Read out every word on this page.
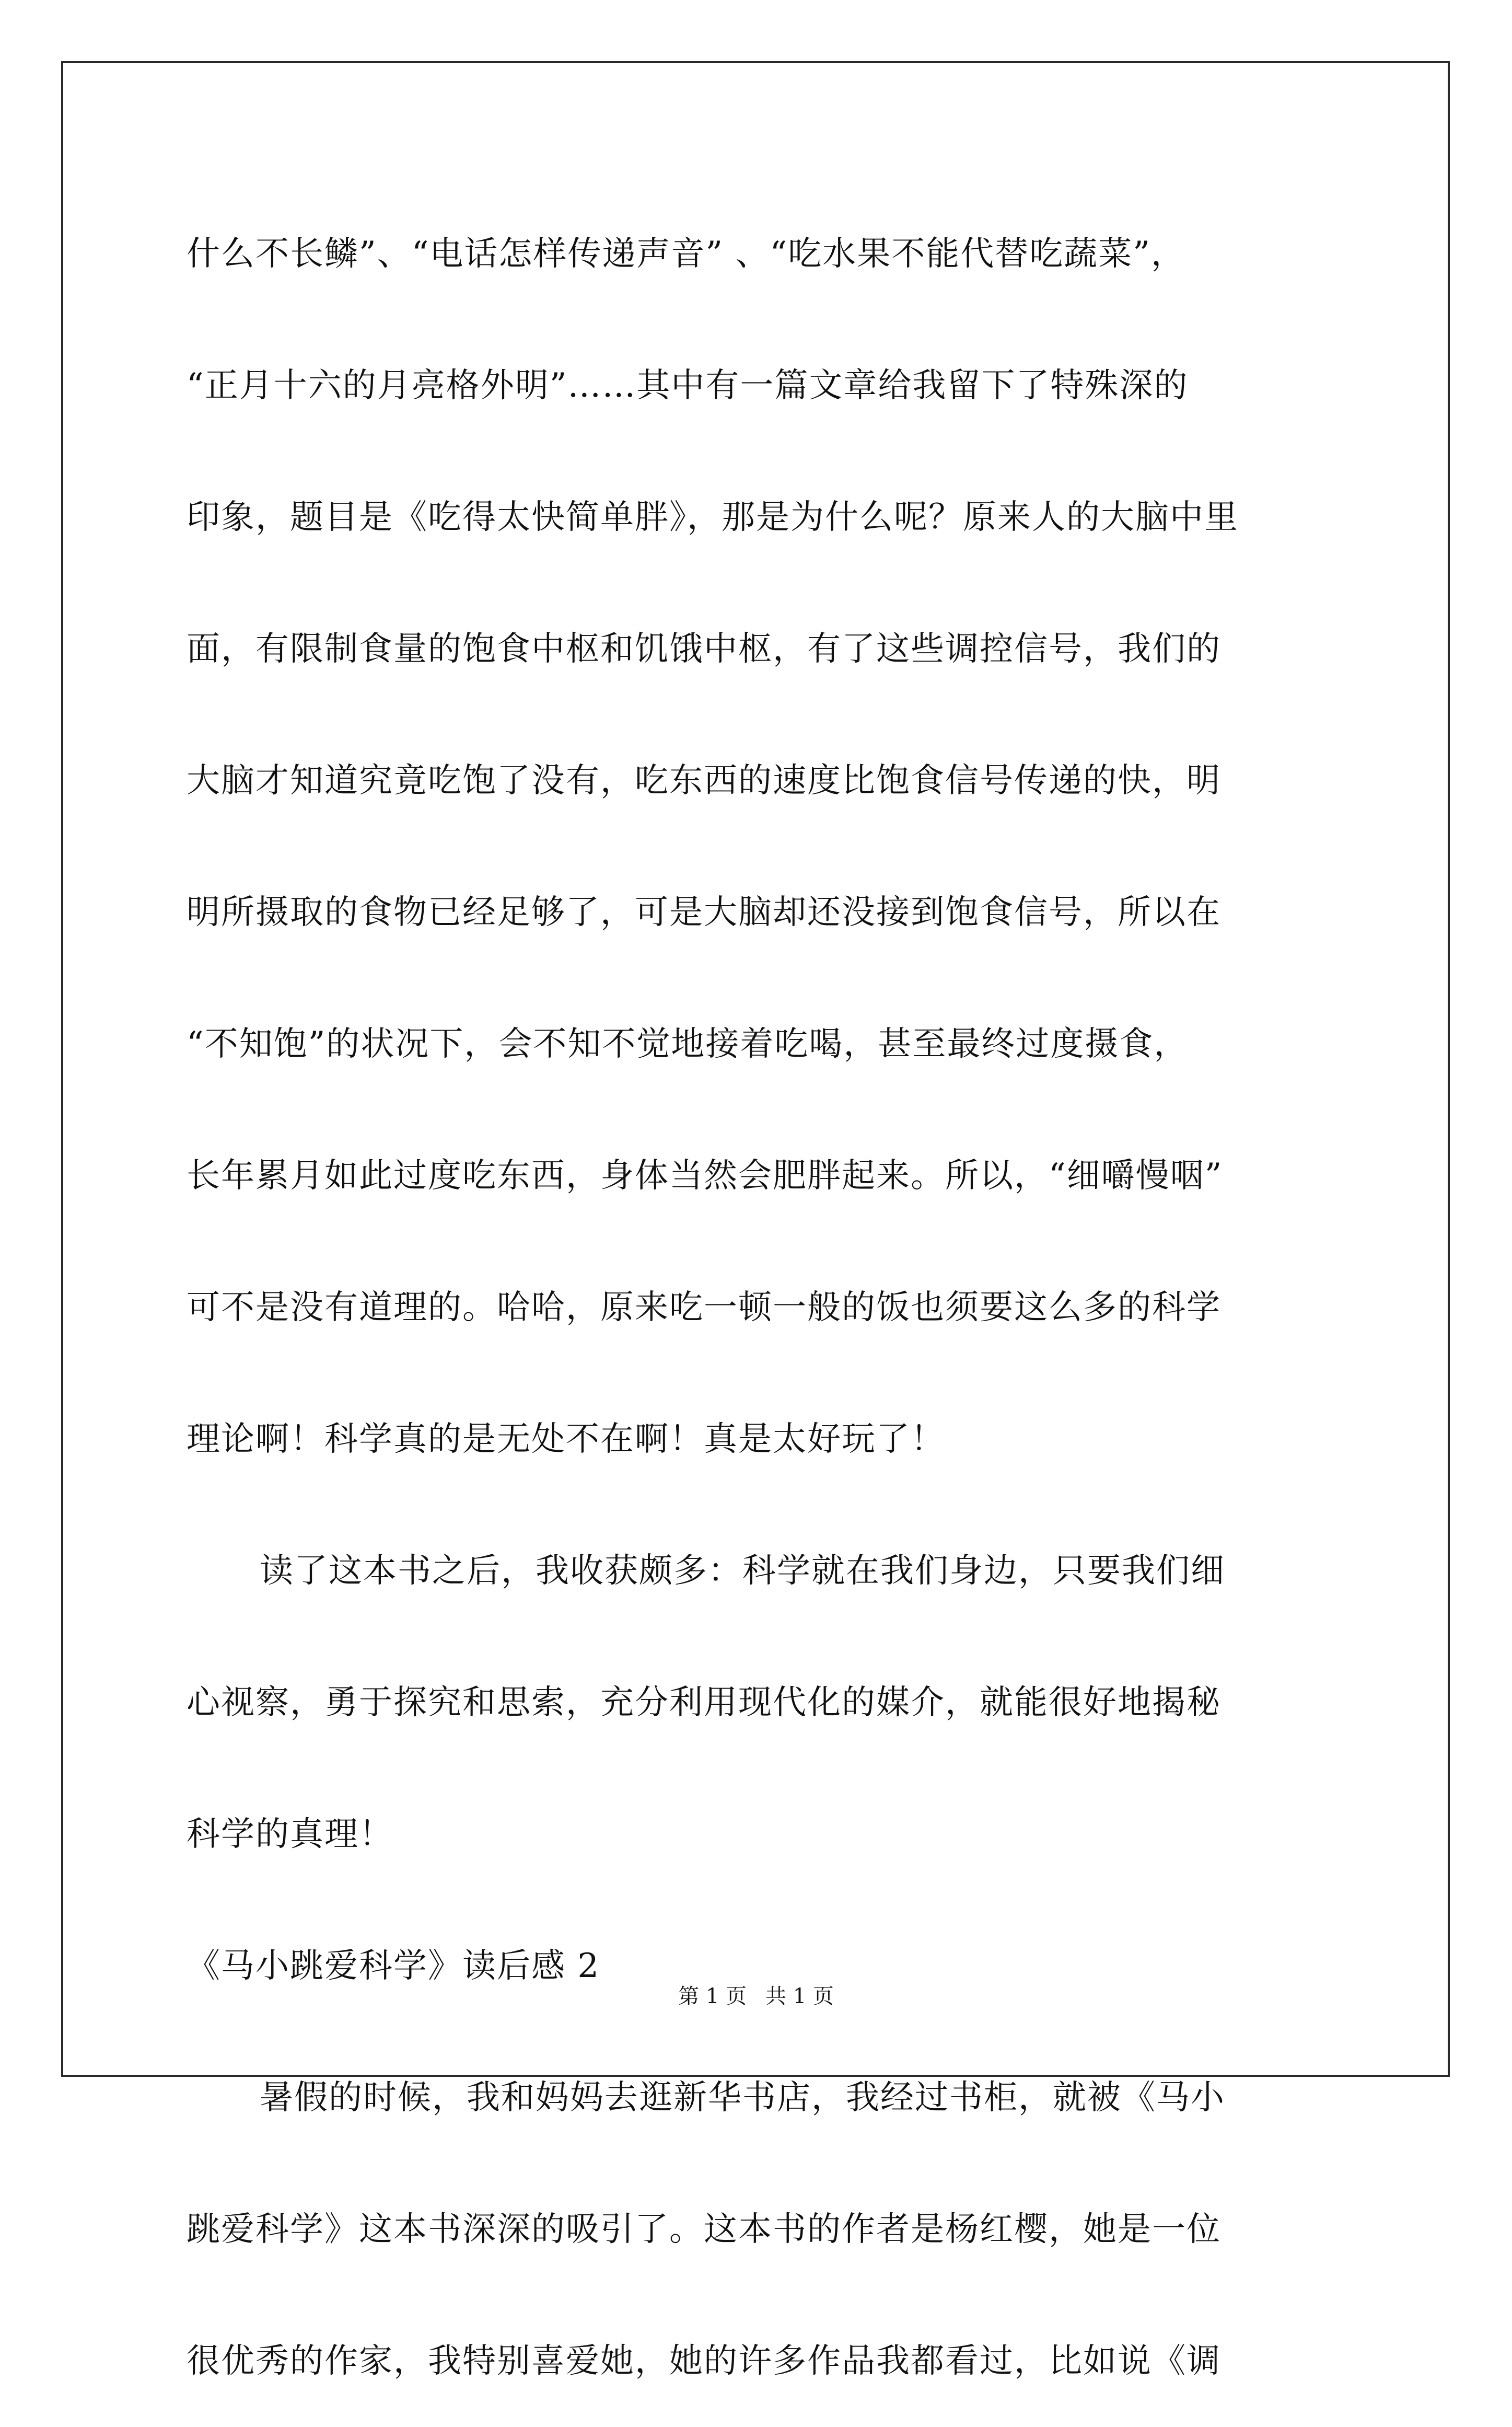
什么不长鳞”、“电话怎样传递声音” 、“吃水果不能代替吃蔬菜”，
“正月十六的月亮格外明”……其中有一篇文章给我留下了特殊深的
印象，题目是《吃得太快简单胖》，那是为什么呢？原来人的大脑中里
面，有限制食量的饱食中枢和饥饿中枢，有了这些调控信号，我们的
大脑才知道究竟吃饱了没有，吃东西的速度比饱食信号传递的快，明
明所摄取的食物已经足够了，可是大脑却还没接到饱食信号，所以在
“不知饱”的状况下，会不知不觉地接着吃喝，甚至最终过度摄食，
长年累月如此过度吃东西，身体当然会肥胖起来。所以，“细嚼慢咽”
可不是没有道理的。哈哈，原来吃一顿一般的饭也须要这么多的科学
理论啊！科学真的是无处不在啊！真是太好玩了！
读了这本书之后，我收获颇多：科学就在我们身边，只要我们细
心视察，勇于探究和思索，充分利用现代化的媒介，就能很好地揭秘
科学的真理！
《马小跳爱科学》读后感 2
暑假的时候，我和妈妈去逛新华书店，我经过书柜，就被《马小
跳爱科学》这本书深深的吸引了。这本书的作者是杨红樱，她是一位
很优秀的作家，我特别喜爱她，她的许多作品我都看过，比如说《调
第 1 页 共 1 页
